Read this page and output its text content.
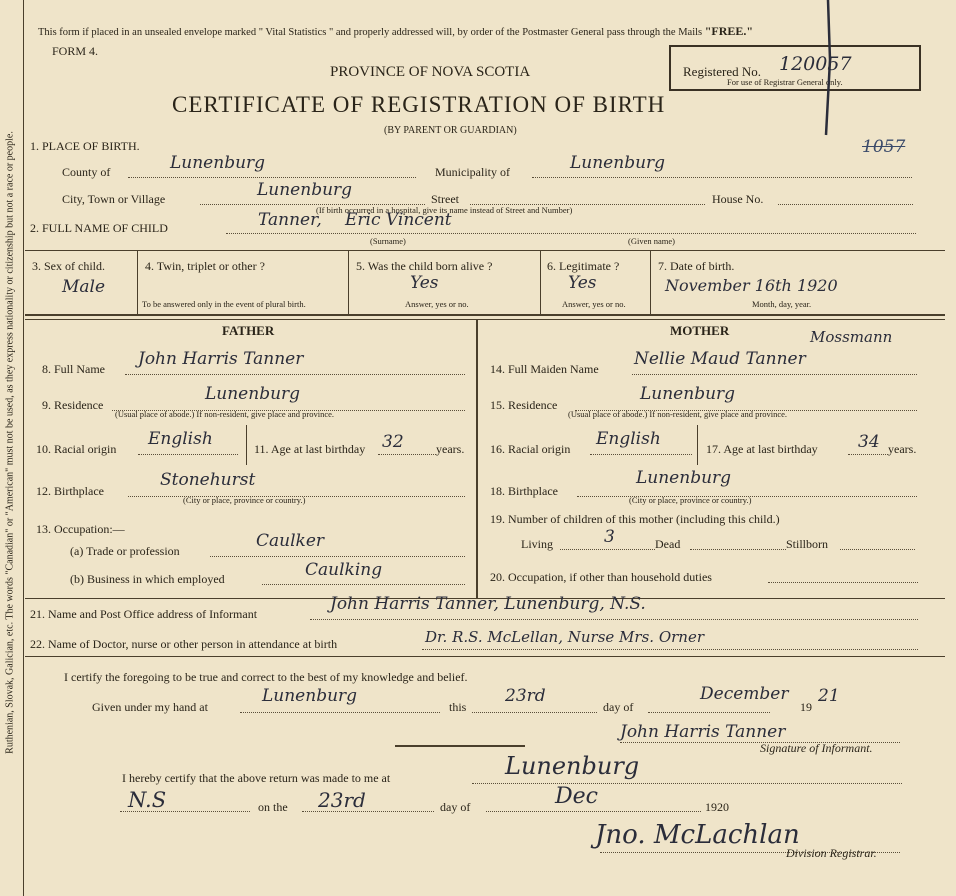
Ruthenian, Slovak, Galician, etc. The words "Canadian" or "American" must not be used, as they express nationality or citizenship but not a race or people.
This form if placed in an unsealed envelope marked " Vital Statistics " and properly addressed will, by order of the Postmaster General pass through the Mails "FREE."
FORM 4.
PROVINCE OF NOVA SCOTIA
CERTIFICATE OF REGISTRATION OF BIRTH
(BY PARENT OR GUARDIAN)
Registered No. 120057
For use of Registrar General only.
1057
1. PLACE OF BIRTH.
County of	Lunenburg	Municipality of	Lunenburg
City, Town or Village	Lunenburg	Street	House No.
(If birth occurred in a hospital, give its name instead of Street and Number)
2. FULL NAME OF CHILD	Tanner, Eric Vincent
(Surname)	(Given name)
3. Sex of child.
Male
4. Twin, triplet or other ?
To be answered only in the event of plural birth.
5. Was the child born alive ?
Yes
Answer, yes or no.
6. Legitimate ?
Yes
Answer, yes or no.
7. Date of birth.
November 16th 1920
Month, day, year.
FATHER	MOTHER
8. Full Name John Harris Tanner
9. Residence
Lunenburg
(Usual place of abode.) If non-resident, give place and province.
10. Racial origin English	11. Age at last birthday 32	years.
12. Birthplace
Stonehurst
(City or place, province or country.)
13. Occupation:—
(a) Trade or profession	Caulker
(b) Business in which employed	Caulking
14. Full Maiden Name Nellie Maud Tanner
Mossmann
15. Residence
Lunenburg
(Usual place of abode.) If non-resident, give place and province.
16. Racial origin English	17. Age at last birthday 34 years.
18. Birthplace
Lunenburg
(City or place, province or country.)
19. Number of children of this mother (including this child.)
Living	3	Dead	Stillborn
20. Occupation, if other than household duties
21. Name and Post Office address of Informant	John Harris Tanner, Lunenburg, N.S.
22. Name of Doctor, nurse or other person in attendance at birth	Dr. R.S. McLellan, Nurse Mrs. Orner
I certify the foregoing to be true and correct to the best of my knowledge and belief.
Given under my hand at
Lunenburg
this
23rd
day of
December
19
21
John Harris Tanner
Signature of Informant.
I hereby certify that the above return was made to me at	Lunenburg
N.S	on the 23rd	day of	Dec	1920
Jno. McLachlan
Division Registrar.
